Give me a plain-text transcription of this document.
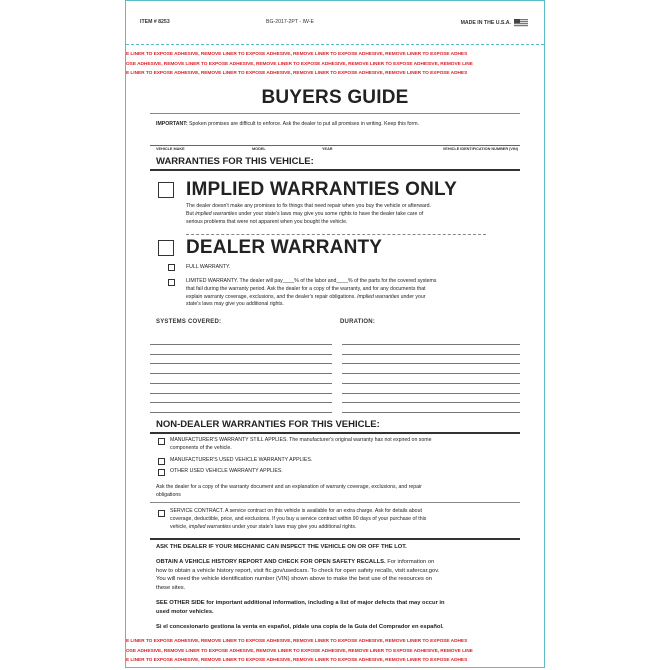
ITEM # 8253	BG-2017-2PT - IW-E	MADE IN THE U.S.A.
E LINER TO EXPOSE ADHESIVE, REMOVE LINER TO EXPOSE ADHESIVE, REMOVE LINER TO EXPOSE ADHESIVE, REMOVE LINER TO EXPOSE ADHES
OSE ADHESIVE, REMOVE LINER TO EXPOSE ADHESIVE, REMOVE LINER TO EXPOSE ADHESIVE, REMOVE LINER TO EXPOSE ADHESIVE, REMOVE LINE
E LINER TO EXPOSE ADHESIVE, REMOVE LINER TO EXPOSE ADHESIVE, REMOVE LINER TO EXPOSE ADHESIVE, REMOVE LINER TO EXPOSE ADHES
BUYERS GUIDE
IMPORTANT: Spoken promises are difficult to enforce. Ask the dealer to put all promises in writing. Keep this form.
VEHICLE MAKE	MODEL	YEAR	VEHICLE IDENTIFICATION NUMBER (VIN)
WARRANTIES FOR THIS VEHICLE:
IMPLIED WARRANTIES ONLY
The dealer doesn't make any promises to fix things that need repair when you buy the vehicle or afterward.
But implied warranties under your state's laws may give you some rights to have the dealer take care of
serious problems that were not apparent when you bought the vehicle.
DEALER WARRANTY
FULL WARRANTY.
LIMITED WARRANTY. The dealer will pay____% of the labor and____% of the parts for the covered systems
that fail during the warranty period. Ask the dealer for a copy of the warranty, and for any documents that
explain warranty coverage, exclusions, and the dealer's repair obligations. Implied warranties under your
state's laws may give you additional rights.
SYSTEMS COVERED:	DURATION:
NON-DEALER WARRANTIES FOR THIS VEHICLE:
MANUFACTURER'S WARRANTY STILL APPLIES. The manufacturer's original warranty has not expired on some
components of the vehicle.
MANUFACTURER'S USED VEHICLE WARRANTY APPLIES.
OTHER USED VEHICLE WARRANTY APPLIES.
Ask the dealer for a copy of the warranty document and an explanation of warranty coverage, exclusions, and repair
obligations
SERVICE CONTRACT. A service contract on this vehicle is available for an extra charge. Ask for details about
coverage, deductible, price, and exclusions. If you buy a service contract within 90 days of your purchase of this
vehicle, implied warranties under your state's laws may give you additional rights.
ASK THE DEALER IF YOUR MECHANIC CAN INSPECT THE VEHICLE ON OR OFF THE LOT.
OBTAIN A VEHICLE HISTORY REPORT AND CHECK FOR OPEN SAFETY RECALLS. For information on
how to obtain a vehicle history report, visit ftc.gov/usedcars. To check for open safety recalls, visit safercar.gov.
You will need the vehicle identification number (VIN) shown above to make the best use of the resources on
these sites.
SEE OTHER SIDE for important additional information, including a list of major defects that may occur in
used motor vehicles.
Si el concesionario gestiona la venta en español, pídale una copia de la Guía del Comprador en español.
E LINER TO EXPOSE ADHESIVE, REMOVE LINER TO EXPOSE ADHESIVE, REMOVE LINER TO EXPOSE ADHESIVE, REMOVE LINER TO EXPOSE ADHES
OSE ADHESIVE, REMOVE LINER TO EXPOSE ADHESIVE, REMOVE LINER TO EXPOSE ADHESIVE, REMOVE LINER TO EXPOSE ADHESIVE, REMOVE LINE
E LINER TO EXPOSE ADHESIVE, REMOVE LINER TO EXPOSE ADHESIVE, REMOVE LINER TO EXPOSE ADHESIVE, REMOVE LINER TO EXPOSE ADHES
